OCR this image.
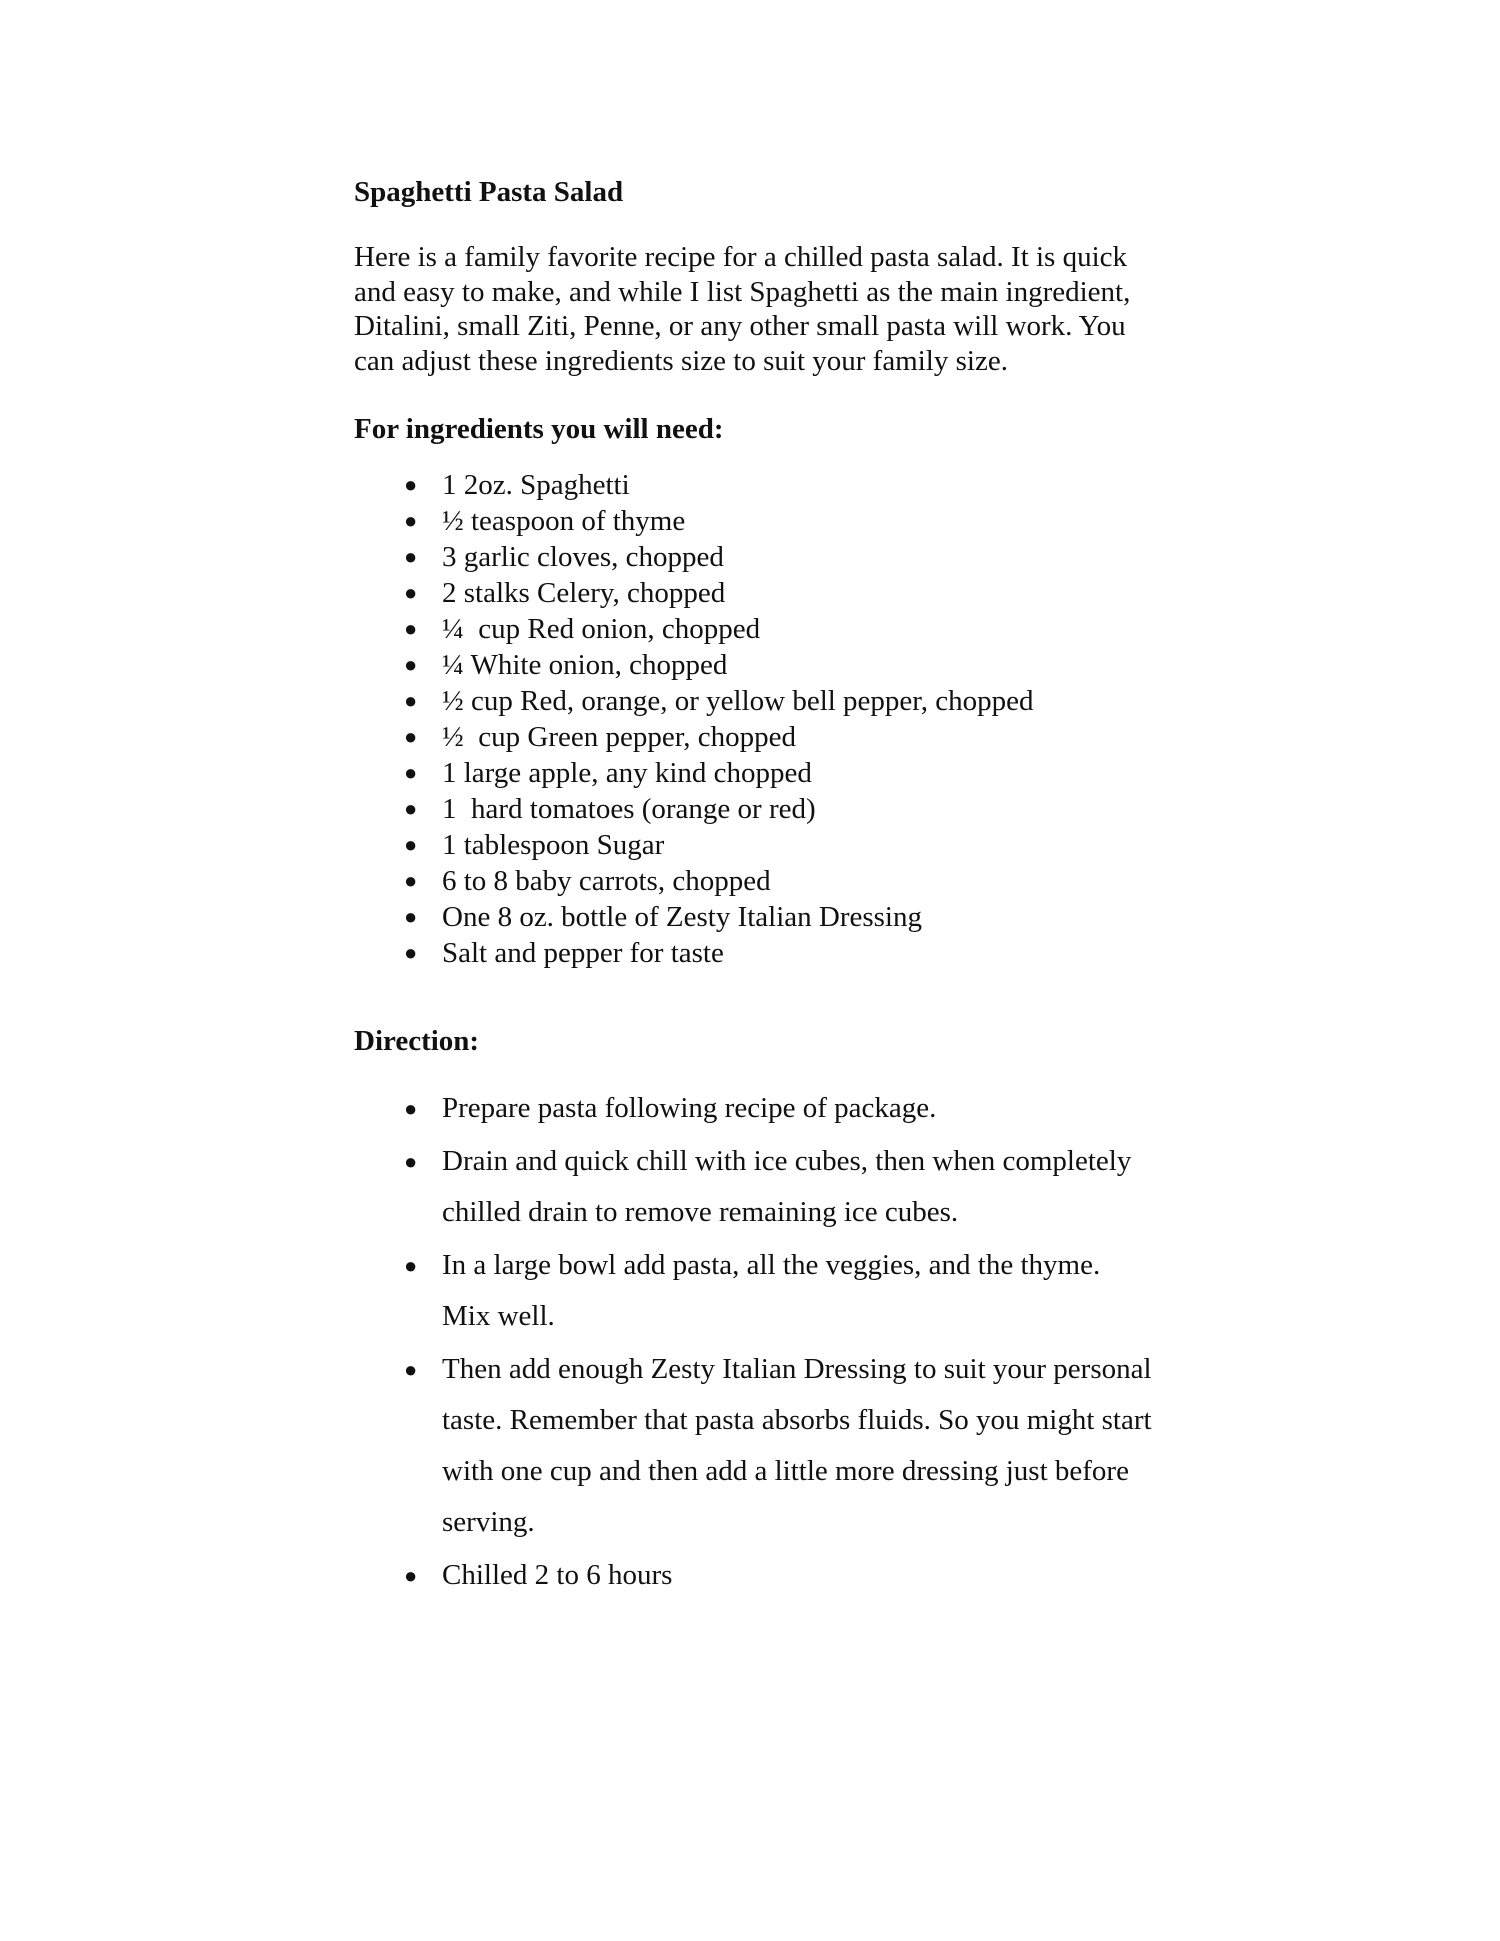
Spaghetti Pasta Salad

Here is a family favorite recipe for a chilled pasta salad. It is quick and easy to make, and while I list Spaghetti as the main ingredient, Ditalini, small Ziti, Penne, or any other small pasta will work. You can adjust these ingredients size to suit your family size.

For ingredients you will need:
● 1 2oz. Spaghetti
● ½ teaspoon of thyme
● 3 garlic cloves, chopped
● 2 stalks Celery, chopped
● ¼  cup Red onion, chopped
● ¼ White onion, chopped
● ½ cup Red, orange, or yellow bell pepper, chopped
● ½  cup Green pepper, chopped
● 1 large apple, any kind chopped
● 1  hard tomatoes (orange or red)
● 1 tablespoon Sugar
● 6 to 8 baby carrots, chopped
● One 8 oz. bottle of Zesty Italian Dressing
● Salt and pepper for taste
Direction:
● Prepare pasta following recipe of package.
● Drain and quick chill with ice cubes, then when completely chilled drain to remove remaining ice cubes.
● In a large bowl add pasta, all the veggies, and the thyme. Mix well.
● Then add enough Zesty Italian Dressing to suit your personal taste. Remember that pasta absorbs fluids. So you might start with one cup and then add a little more dressing just before serving.
● Chilled 2 to 6 hours
